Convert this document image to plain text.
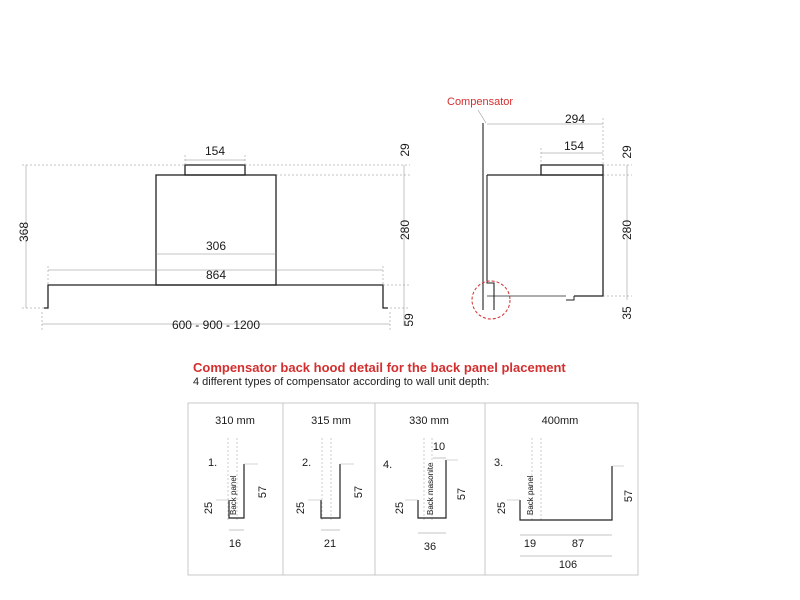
154
306
864
600 - 900 - 1200
368
29
280
59
Compensator
294
154	29
280
35
310 mm
1.
Back panel
25
57
16
315 mm
2.
25
57
21
330 mm
4.	Back masonite
10
25
57
36
400mm
3.
Back panel
25
57
19	87
106

Compensator back hood detail for the back panel placement

4 different types of compensator according to wall unit depth:
